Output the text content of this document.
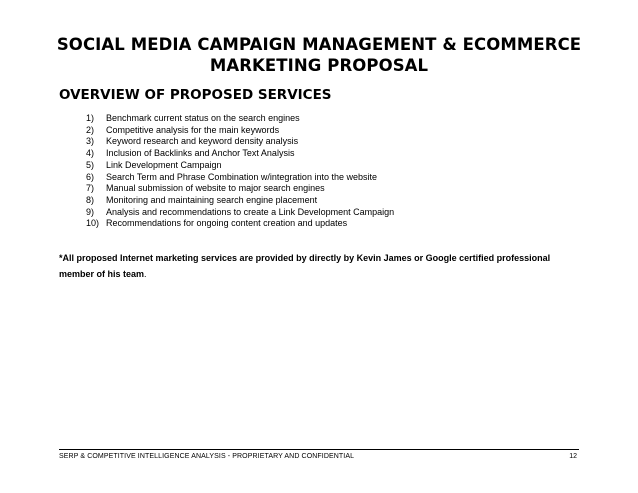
SOCIAL MEDIA CAMPAIGN MANAGEMENT & ECOMMERCE
MARKETING PROPOSAL
OVERVIEW OF PROPOSED SERVICES
1)	Benchmark current status on the search engines
2)	Competitive analysis for the main keywords
3)	Keyword research and keyword density analysis
4)	Inclusion of Backlinks and Anchor Text Analysis
5)	Link Development Campaign
6)	Search Term and Phrase Combination w/integration into the website
7)	Manual submission of website to major search engines
8)	Monitoring and maintaining search engine placement
9)	Analysis and recommendations to create a Link Development Campaign
10) Recommendations for ongoing content creation and updates
*All proposed Internet marketing services are provided by directly by Kevin James or Google certified professional member of his team.
SERP & COMPETITIVE INTELLIGENCE ANALYSIS - PROPRIETARY AND CONFIDENTIAL	12
